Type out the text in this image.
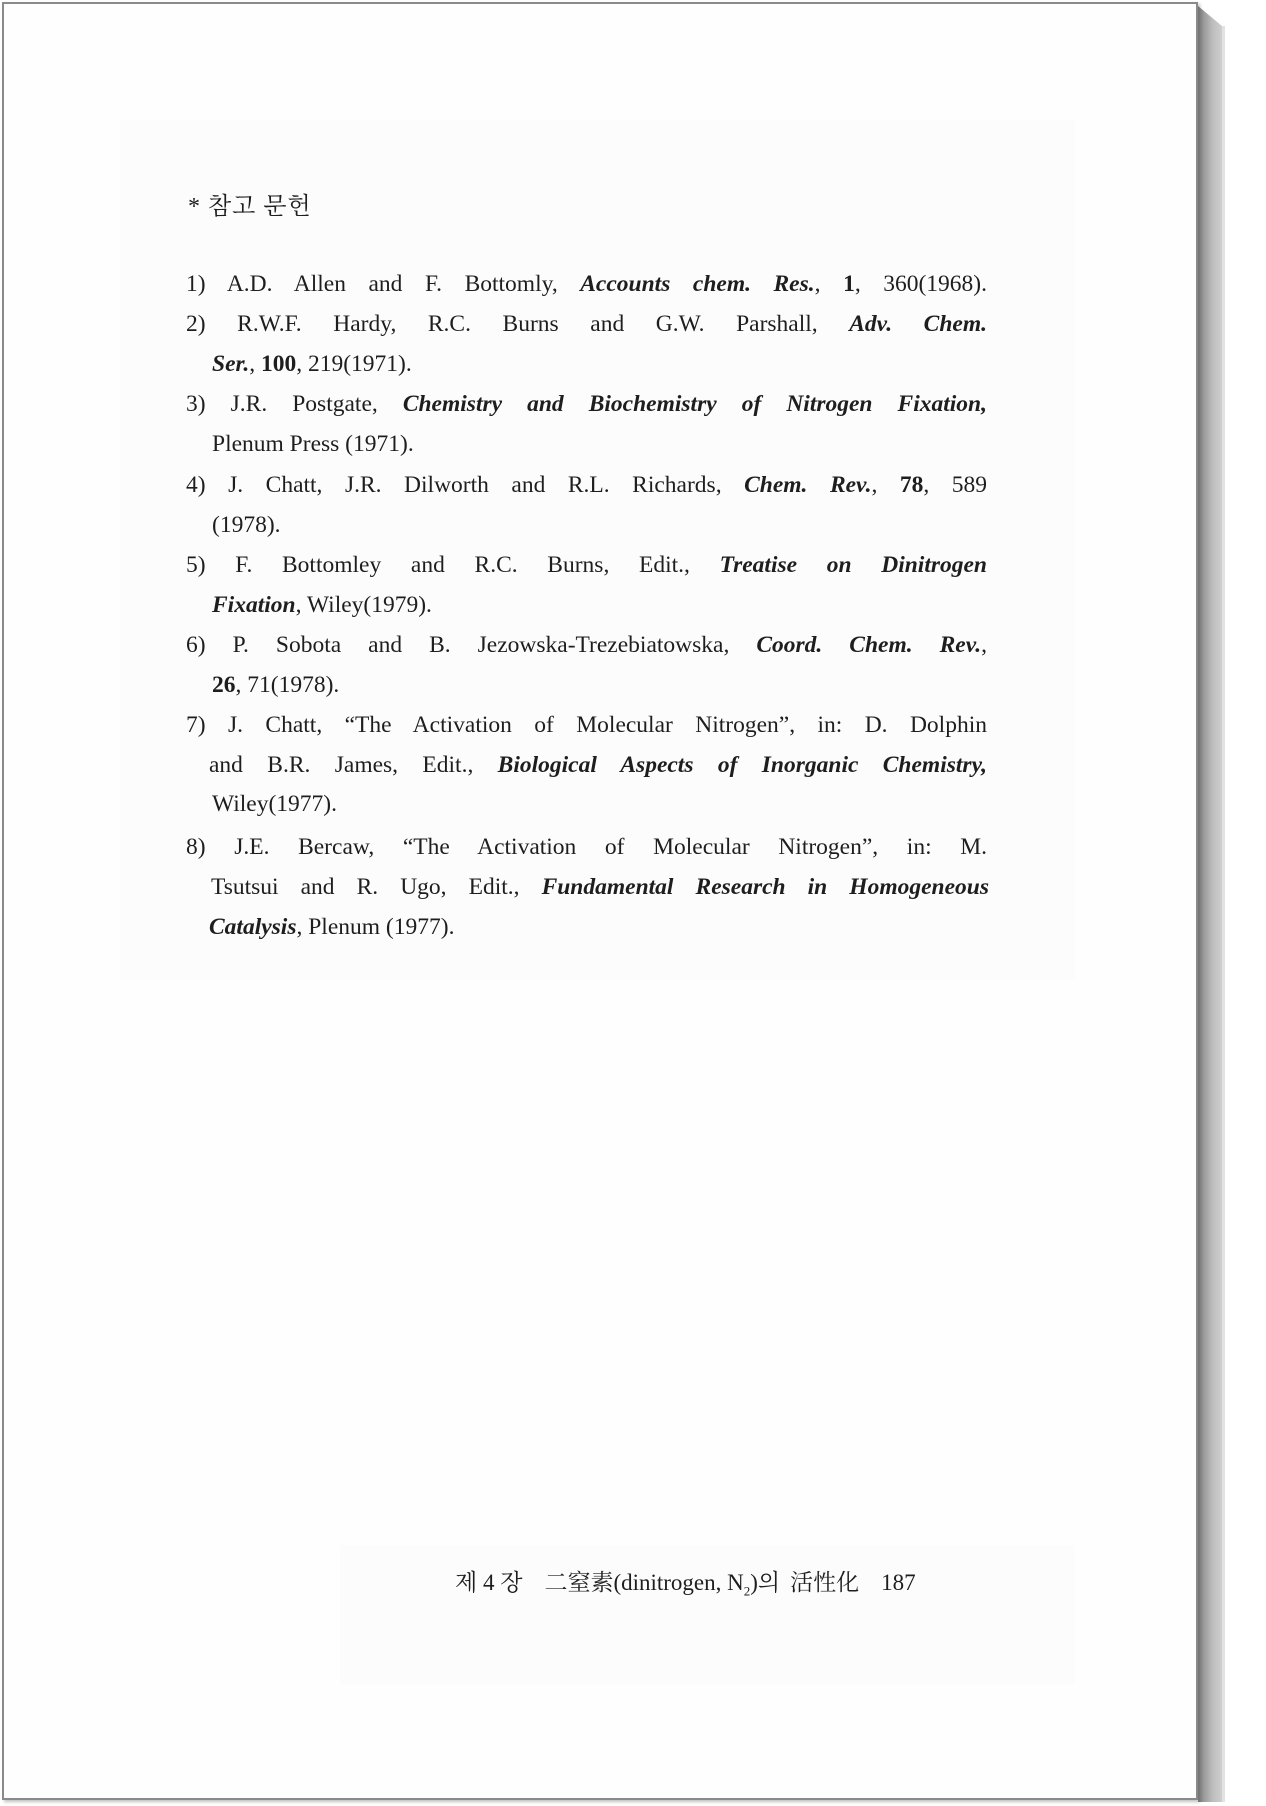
* 참고 문헌
1) A.D. Allen and F. Bottomly, Accounts chem. Res., 1, 360(1968).
2) R.W.F. Hardy, R.C. Burns and G.W. Parshall, Adv. Chem.
Ser., 100, 219(1971).
3) J.R. Postgate, Chemistry and Biochemistry of Nitrogen Fixation,
Plenum Press (1971).
4) J. Chatt, J.R. Dilworth and R.L. Richards, Chem. Rev., 78, 589
(1978).
5) F. Bottomley and R.C. Burns, Edit., Treatise on Dinitrogen
Fixation, Wiley(1979).
6) P. Sobota and B. Jezowska-Trezebiatowska, Coord. Chem. Rev.,
26, 71(1978).
7) J. Chatt, “The Activation of Molecular Nitrogen”, in: D. Dolphin
and B.R. James, Edit., Biological Aspects of Inorganic Chemistry,
Wiley(1977).
8) J.E. Bercaw, “The Activation of Molecular Nitrogen”, in: M.
Tsutsui and R. Ugo, Edit., Fundamental Research in Homogeneous
Catalysis, Plenum (1977).
제 4 장 二窒素(dinitrogen, $N_2$)의 活性化 187
